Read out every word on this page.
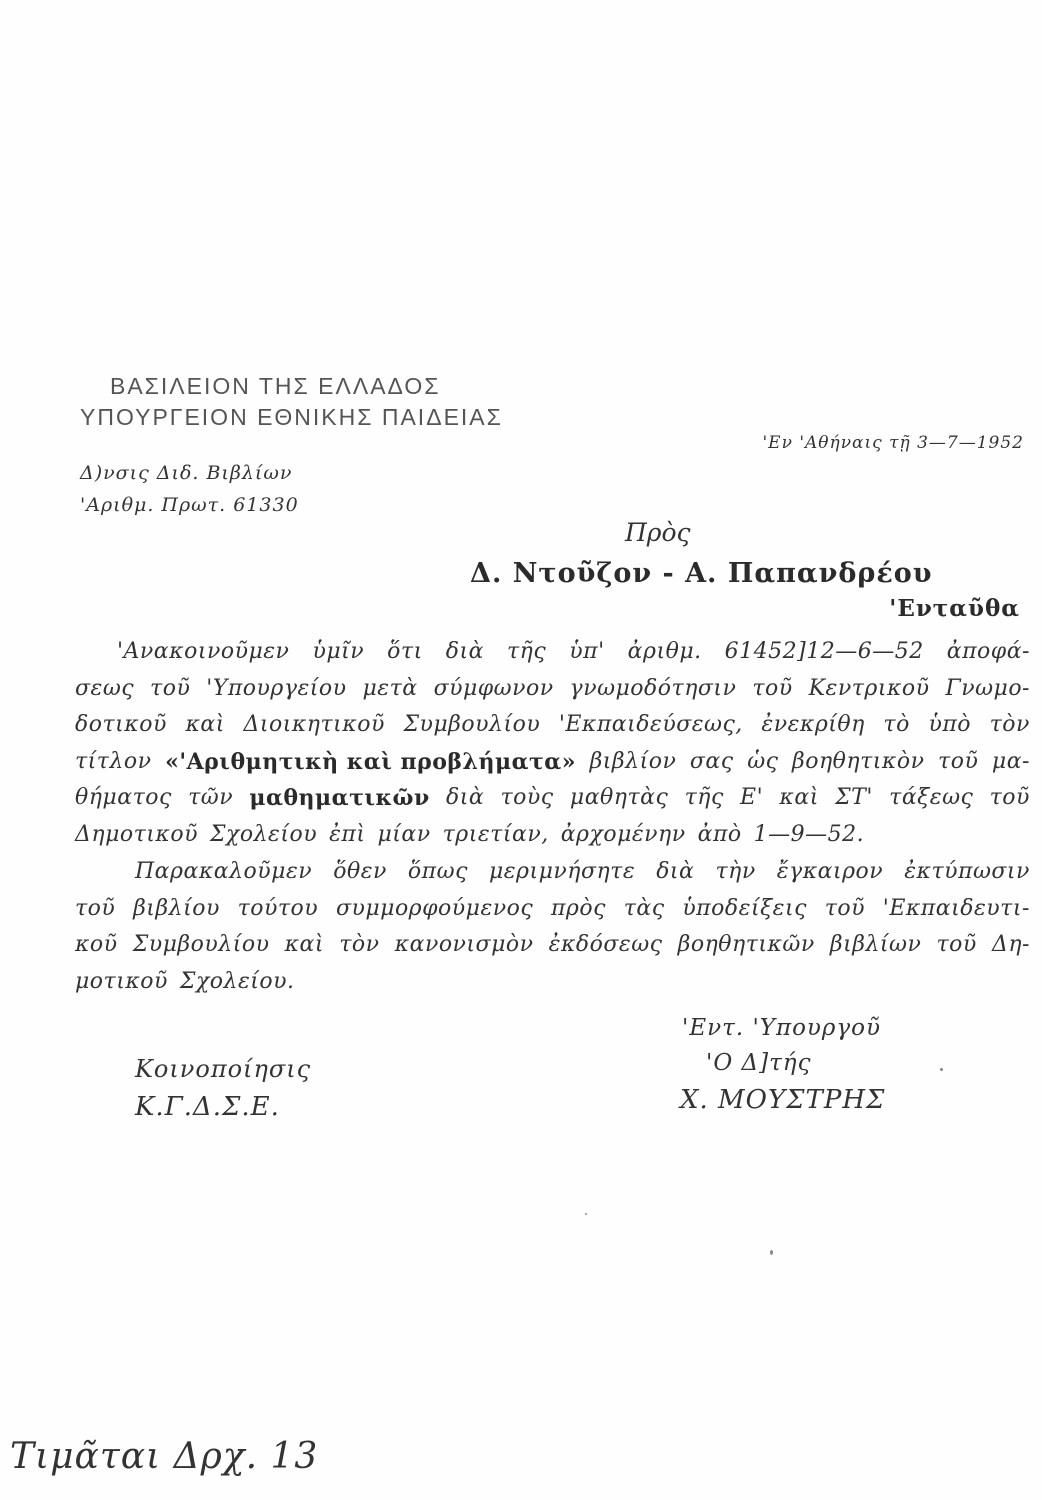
ΒΑΣΙΛΕΙΟΝ ΤΗΣ ΕΛΛΑΔΟΣ
ΥΠΟΥΡΓΕΙΟΝ ΕΘΝΙΚΗΣ ΠΑΙΔΕΙΑΣ
Δ)νσις Διδ. Βιβλίων
'Αριθμ. Πρωτ. 61330
'Εν 'Αθήναις τῇ 3—7—1952
Πρὸς
Δ. Ντοῦζον - Α. Παπανδρέου
'Ενταῦθα
'Ανακοινοῦμεν ὑμῖν ὅτι διὰ τῆς ὑπ' ἀριθμ. 61452]12—6—52 ἀποφά-
σεως τοῦ 'Υπουργείου μετὰ σύμφωνον γνωμοδότησιν τοῦ Κεντρικοῦ Γνωμο-
δοτικοῦ καὶ Διοικητικοῦ Συμβουλίου 'Εκπαιδεύσεως, ἐνεκρίθη τὸ ὑπὸ τὸν
τίτλον «'Αριθμητικὴ καὶ προβλήματα» βιβλίον σας ὡς βοηθητικὸν τοῦ μα-
θήματος τῶν μαθηματικῶν διὰ τοὺς μαθητὰς τῆς Ε' καὶ ΣΤ' τάξεως τοῦ
Δημοτικοῦ Σχολείου ἐπὶ μίαν τριετίαν, ἀρχομένην ἀπὸ 1—9—52.
Παρακαλοῦμεν ὅθεν ὅπως μεριμνήσητε διὰ τὴν ἔγκαιρον ἐκτύπωσιν
τοῦ βιβλίου τούτου συμμορφούμενος πρὸς τὰς ὑποδείξεις τοῦ 'Εκπαιδευτι-
κοῦ Συμβουλίου καὶ τὸν κανονισμὸν ἐκδόσεως βοηθητικῶν βιβλίων τοῦ Δη-
μοτικοῦ Σχολείου.
'Εντ. 'Υπουργοῦ
'Ο Δ]τής
Χ. ΜΟΥΣΤΡΗΣ
Κοινοποίησις
Κ.Γ.Δ.Σ.Ε.
Τιμᾶται Δρχ. 13
